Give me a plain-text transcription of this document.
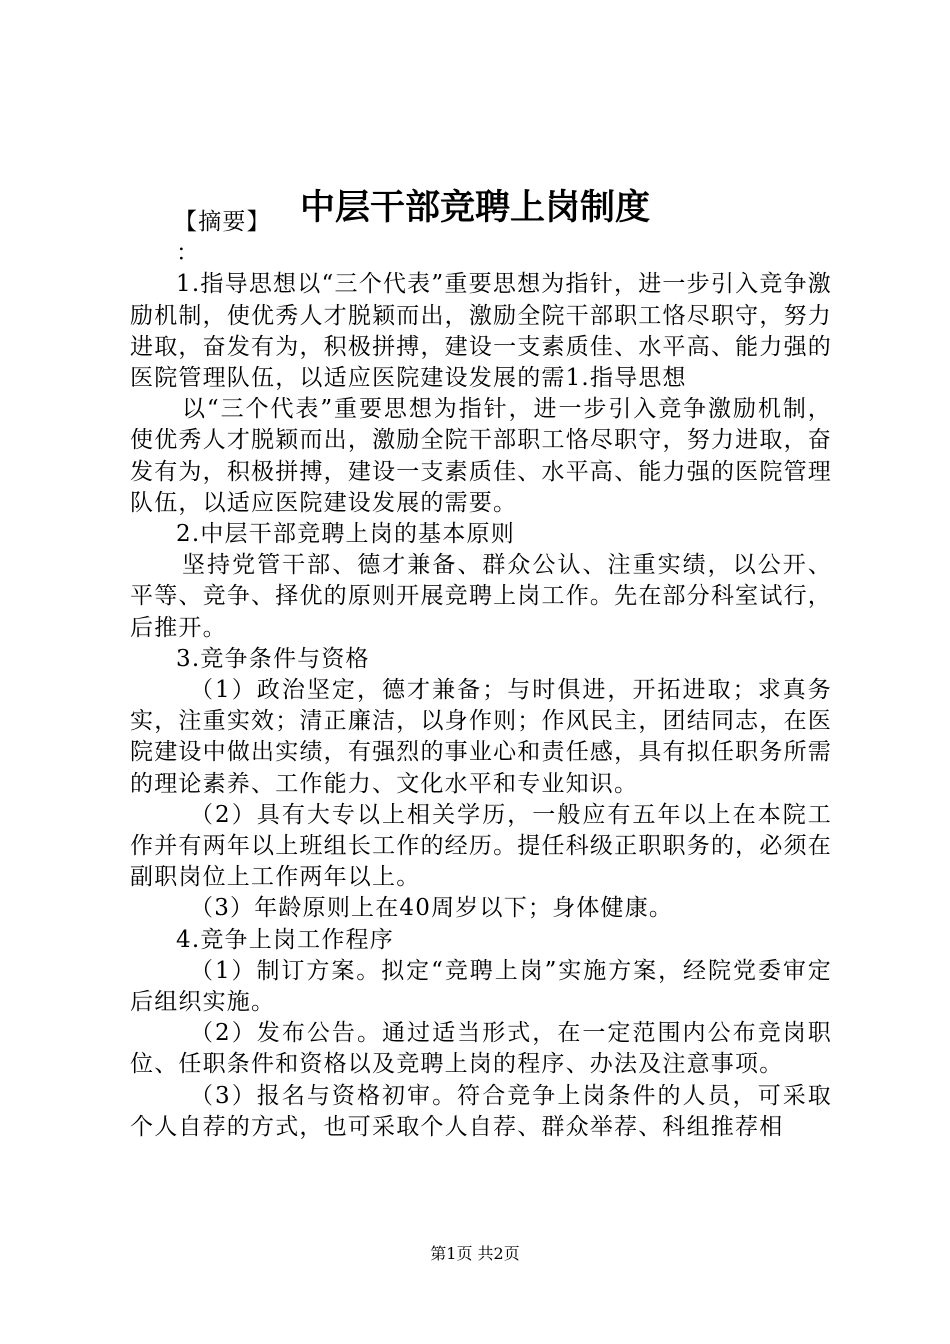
中层干部竞聘上岗制度

【摘要】

：

1.指导思想以“三个代表”重要思想为指针，进一步引入竞争激励机制，使优秀人才脱颖而出，激励全院干部职工恪尽职守，努力进取，奋发有为，积极拼搏，建设一支素质佳、水平高、能力强的医院管理队伍，以适应医院建设发展的需1.指导思想

以“三个代表”重要思想为指针，进一步引入竞争激励机制，使优秀人才脱颖而出，激励全院干部职工恪尽职守，努力进取，奋发有为，积极拼搏，建设一支素质佳、水平高、能力强的医院管理队伍，以适应医院建设发展的需要。

2.中层干部竞聘上岗的基本原则

坚持党管干部、德才兼备、群众公认、注重实绩，以公开、平等、竞争、择优的原则开展竞聘上岗工作。先在部分科室试行，后推开。

3.竞争条件与资格

（1）政治坚定，德才兼备；与时俱进，开拓进取；求真务实，注重实效；清正廉洁，以身作则；作风民主，团结同志，在医院建设中做出实绩，有强烈的事业心和责任感，具有拟任职务所需的理论素养、工作能力、文化水平和专业知识。

（2）具有大专以上相关学历，一般应有五年以上在本院工作并有两年以上班组长工作的经历。提任科级正职职务的，必须在副职岗位上工作两年以上。

（3）年龄原则上在40周岁以下；身体健康。

4.竞争上岗工作程序

（1）制订方案。拟定“竞聘上岗”实施方案，经院党委审定后组织实施。

（2）发布公告。通过适当形式，在一定范围内公布竞岗职位、任职条件和资格以及竞聘上岗的程序、办法及注意事项。

（3）报名与资格初审。符合竞争上岗条件的人员，可采取个人自荐的方式，也可采取个人自荐、群众举荐、科组推荐相

第1页 共2页
